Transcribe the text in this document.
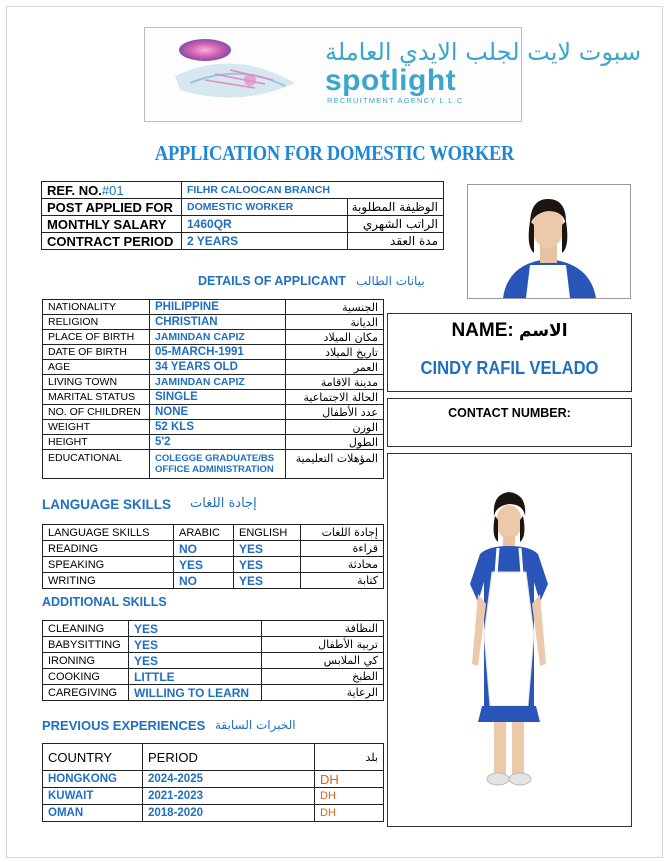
سبوت لايت لجلب الايدي العاملة
spotlight
RECRUITMENT AGENCY L.L.C
APPLICATION FOR DOMESTIC WORKER
REF. NO.#01	FILHR CALOOCAN BRANCH	
POST APPLIED FOR	DOMESTIC WORKER	الوظيفة المطلوبة
MONTHLY SALARY	1460QR	الراتب الشهري
CONTRACT PERIOD	2 YEARS	مدة العقد
DETAILS OF APPLICANT بيانات الطالب
NATIONALITY	PHILIPPINE	الجنسية
RELIGION	CHRISTIAN	الديانة
PLACE OF BIRTH	JAMINDAN CAPIZ	مكان الميلاد
DATE OF BIRTH	05-MARCH-1991	تاريخ الميلاد
AGE	34 YEARS OLD	العمر
LIVING TOWN	JAMINDAN CAPIZ	مدينة الاقامة
MARITAL STATUS	SINGLE	الحالة الاجتماعية
NO. OF CHILDREN	NONE	عدد الأطفال
WEIGHT	52 KLS	الوزن
HEIGHT	5'2	الطول
EDUCATIONAL	COLEGGE GRADUATE/BS
OFFICE ADMINISTRATION	المؤهلات التعليمية
NAME: الاسم
CINDY RAFIL VELADO
CONTACT NUMBER:
LANGUAGE SKILLS إجادة اللغات
LANGUAGE SKILLS	ARABIC	ENGLISH	إجادة اللغات
READING	NO	YES	قراءة
SPEAKING	YES	YES	محادثة
WRITING	NO	YES	كتابة
ADDITIONAL SKILLS
CLEANING	YES	النظافة
BABYSITTING	YES	تربية الأطفال
IRONING	YES	كي الملابس
COOKING	LITTLE	الطبخ
CAREGIVING	WILLING TO LEARN	الرعاية
PREVIOUS EXPERIENCES الخبرات السابقة
COUNTRY	PERIOD	بلد
HONGKONG	2024-2025	DH
KUWAIT	2021-2023	DH
OMAN	2018-2020	DH
